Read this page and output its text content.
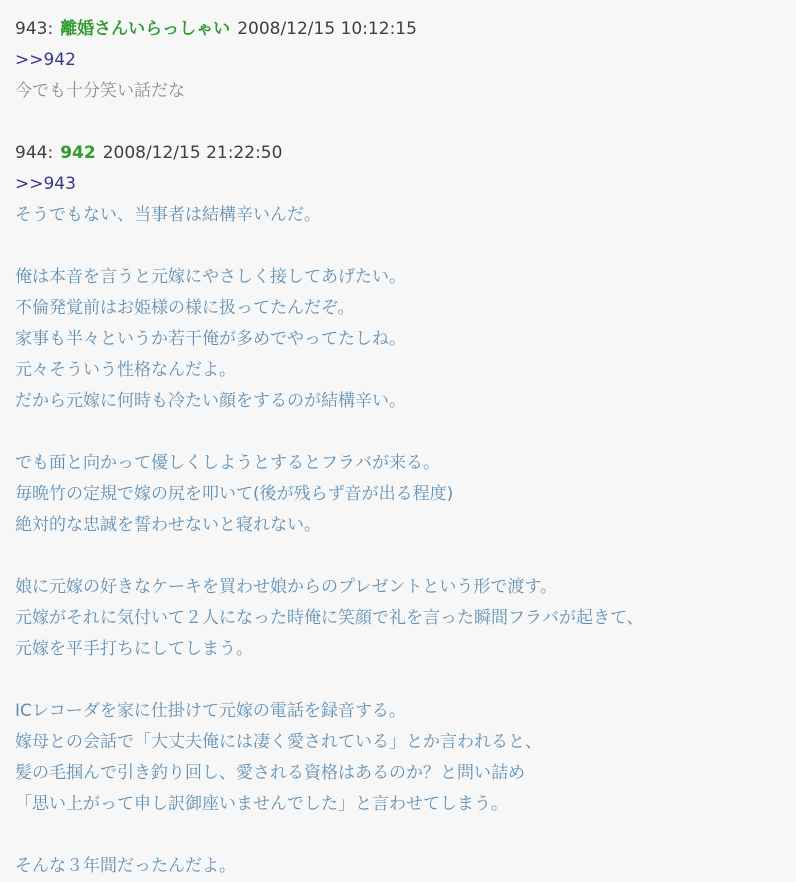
943: 離婚さんいらっしゃい 2008/12/15 10:12:15
>>942
今でも十分笑い話だな
944: 942 2008/12/15 21:22:50
>>943
そうでもない、当事者は結構辛いんだ。
俺は本音を言うと元嫁にやさしく接してあげたい。
不倫発覚前はお姫様の様に扱ってたんだぞ。
家事も半々というか若干俺が多めでやってたしね。
元々そういう性格なんだよ。
だから元嫁に何時も冷たい顔をするのが結構辛い。
でも面と向かって優しくしようとするとフラバが来る。
毎晩竹の定規で嫁の尻を叩いて(後が残らず音が出る程度)
絶対的な忠誠を誓わせないと寝れない。
娘に元嫁の好きなケーキを買わせ娘からのプレゼントという形で渡す。
元嫁がそれに気付いて２人になった時俺に笑顔で礼を言った瞬間フラバが起きて、
元嫁を平手打ちにしてしまう。
ICレコーダを家に仕掛けて元嫁の電話を録音する。
嫁母との会話で「大丈夫俺には凄く愛されている」とか言われると、
髪の毛掴んで引き釣り回し、愛される資格はあるのか？と問い詰め
「思い上がって申し訳御座いませんでした」と言わせてしまう。
そんな３年間だったんだよ。
